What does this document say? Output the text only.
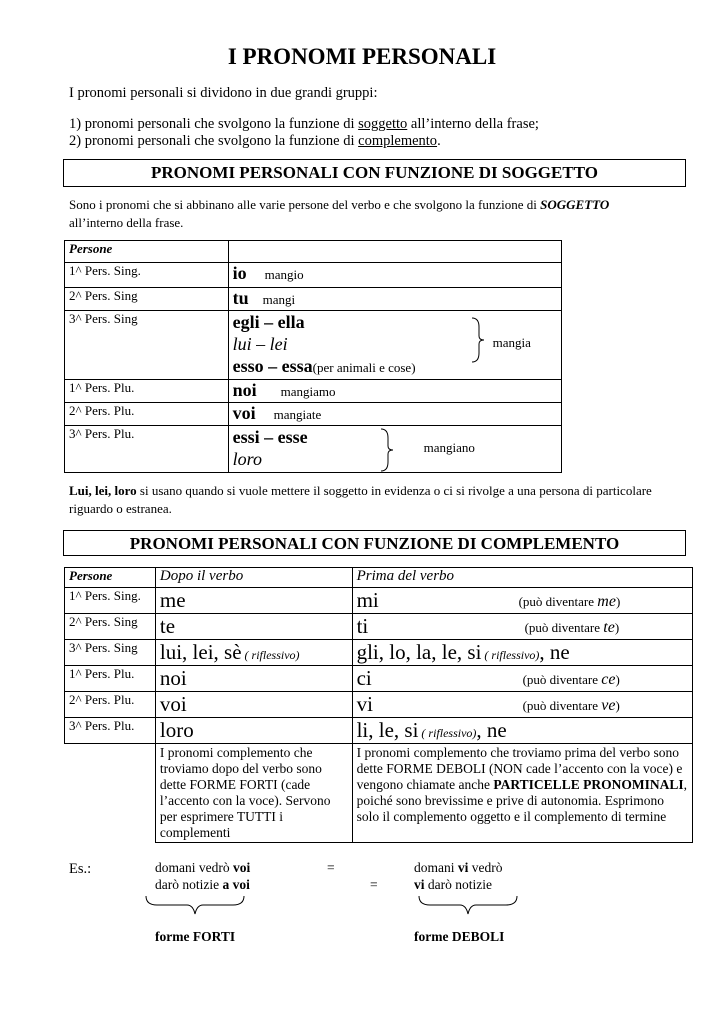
I PRONOMI PERSONALI
I pronomi personali si dividono in due grandi gruppi:
1) pronomi personali che svolgono la funzione di soggetto all’interno della frase;
2) pronomi personali che svolgono la funzione di complemento.
PRONOMI PERSONALI CON FUNZIONE DI SOGGETTO
Sono i pronomi che si abbinano alle varie persone del verbo e che svolgono la funzione di SOGGETTO
all’interno della frase.
Persone	
1^ Pers. Sing.	io mangio
2^ Pers. Sing	tu mangi
3^ Pers. Sing	egli – ella
lui – lei
esso – essa(per animali e cose)
mangia

1^ Pers. Plu.	noi mangiamo
2^ Pers. Plu.	voi mangiate
3^ Pers. Plu.	essi – esse
loro
mangiano
Lui, lei, loro si usano quando si vuole mettere il soggetto in evidenza o ci si rivolge a una persona di particolare riguardo o estranea.
PRONOMI PERSONALI CON FUNZIONE DI COMPLEMENTO
Persone	Dopo il verbo	Prima del verbo
1^ Pers. Sing.	me	mi (può diventare me)

2^ Pers. Sing	te	ti (può diventare te)

3^ Pers. Sing	lui, lei, sè ( riflessivo)	gli, lo, la, le, si ( riflessivo), ne
1^ Pers. Plu.	noi	ci (può diventare ce)

2^ Pers. Plu.	voi	vi (può diventare ve)

3^ Pers. Plu.	loro	li, le, si ( riflessivo), ne
	I pronomi complemento che troviamo dopo del verbo sono dette FORME FORTI (cade l’accento con la voce). Servono per esprimere TUTTI i complementi	I pronomi complemento che troviamo prima del verbo sono dette FORME DEBOLI (NON cade l’accento con la voce) e vengono chiamate anche PARTICELLE PRONOMINALI, poiché sono brevissime e prive di autonomia. Esprimono solo il complemento oggetto e il complemento di termine
Es.:	domani vedrò voi
darò notizie a voi
=
=
domani vi vedrò
vi darò notizie
forme FORTI	forme DEBOLI
